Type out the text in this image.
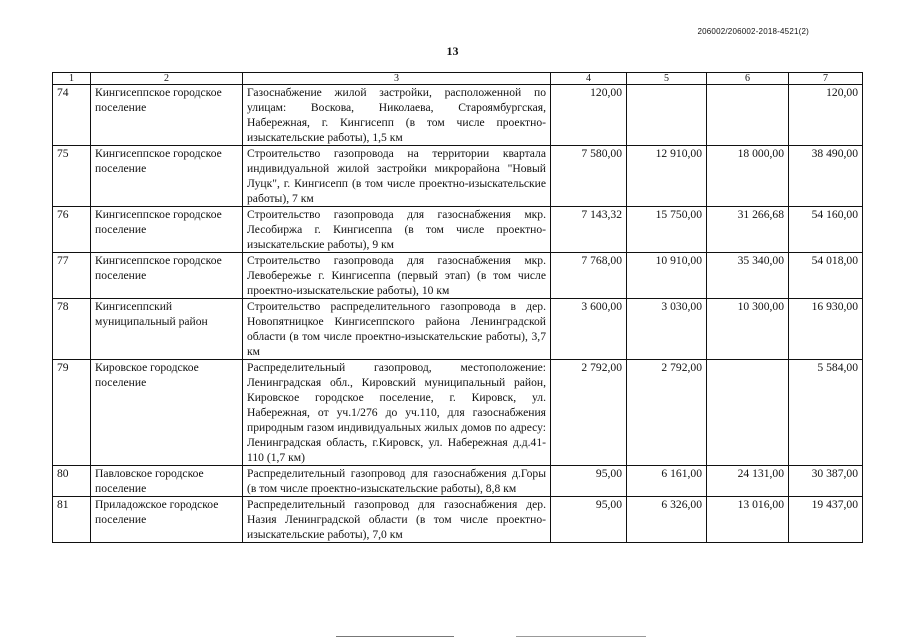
206002/206002-2018-4521(2)
13
1	2	3	4	5	6	7
74	Кингисеппское городское поселение	Газоснабжение жилой застройки, расположенной по улицам: Воскова, Николаева, Староямбургская, Набережная, г. Кингисепп (в том числе проектно-изыскательские работы), 1,5 км	120,00			120,00
75	Кингисеппское городское поселение	Строительство газопровода на территории квартала индивидуальной жилой застройки микрорайона "Новый Луцк", г. Кингисепп (в том числе проектно-изыскательские работы), 7 км	7 580,00	12 910,00	18 000,00	38 490,00
76	Кингисеппское городское поселение	Строительство газопровода для газоснабжения мкр. Лесобиржа г. Кингисеппа (в том числе проектно-изыскательские работы), 9 км	7 143,32	15 750,00	31 266,68	54 160,00
77	Кингисеппское городское поселение	Строительство газопровода для газоснабжения мкр. Левобережье г. Кингисеппа (первый этап) (в том числе проектно-изыскательские работы), 10 км	7 768,00	10 910,00	35 340,00	54 018,00
78	Кингисеппский муниципальный район	Строительство распределительного газопровода в дер. Новопятницкое Кингисеппского района Ленинградской области (в том числе проектно-изыскательские работы), 3,7 км	3 600,00	3 030,00	10 300,00	16 930,00
79	Кировское городское поселение	Распределительный газопровод, местоположение: Ленинградская обл., Кировский муниципальный район, Кировское городское поселение, г. Кировск, ул. Набережная, от уч.1/276 до уч.110, для газоснабжения природным газом индивидуальных жилых домов по адресу: Ленинградская область, г.Кировск, ул. Набережная д.д.41-110 (1,7 км)	2 792,00	2 792,00		5 584,00
80	Павловское городское поселение	Распределительный газопровод для газоснабжения д.Горы (в том числе проектно-изыскательские работы), 8,8 км	95,00	6 161,00	24 131,00	30 387,00
81	Приладожское городское поселение	Распределительный газопровод для газоснабжения дер. Назия Ленинградской области (в том числе проектно-изыскательские работы), 7,0 км	95,00	6 326,00	13 016,00	19 437,00
